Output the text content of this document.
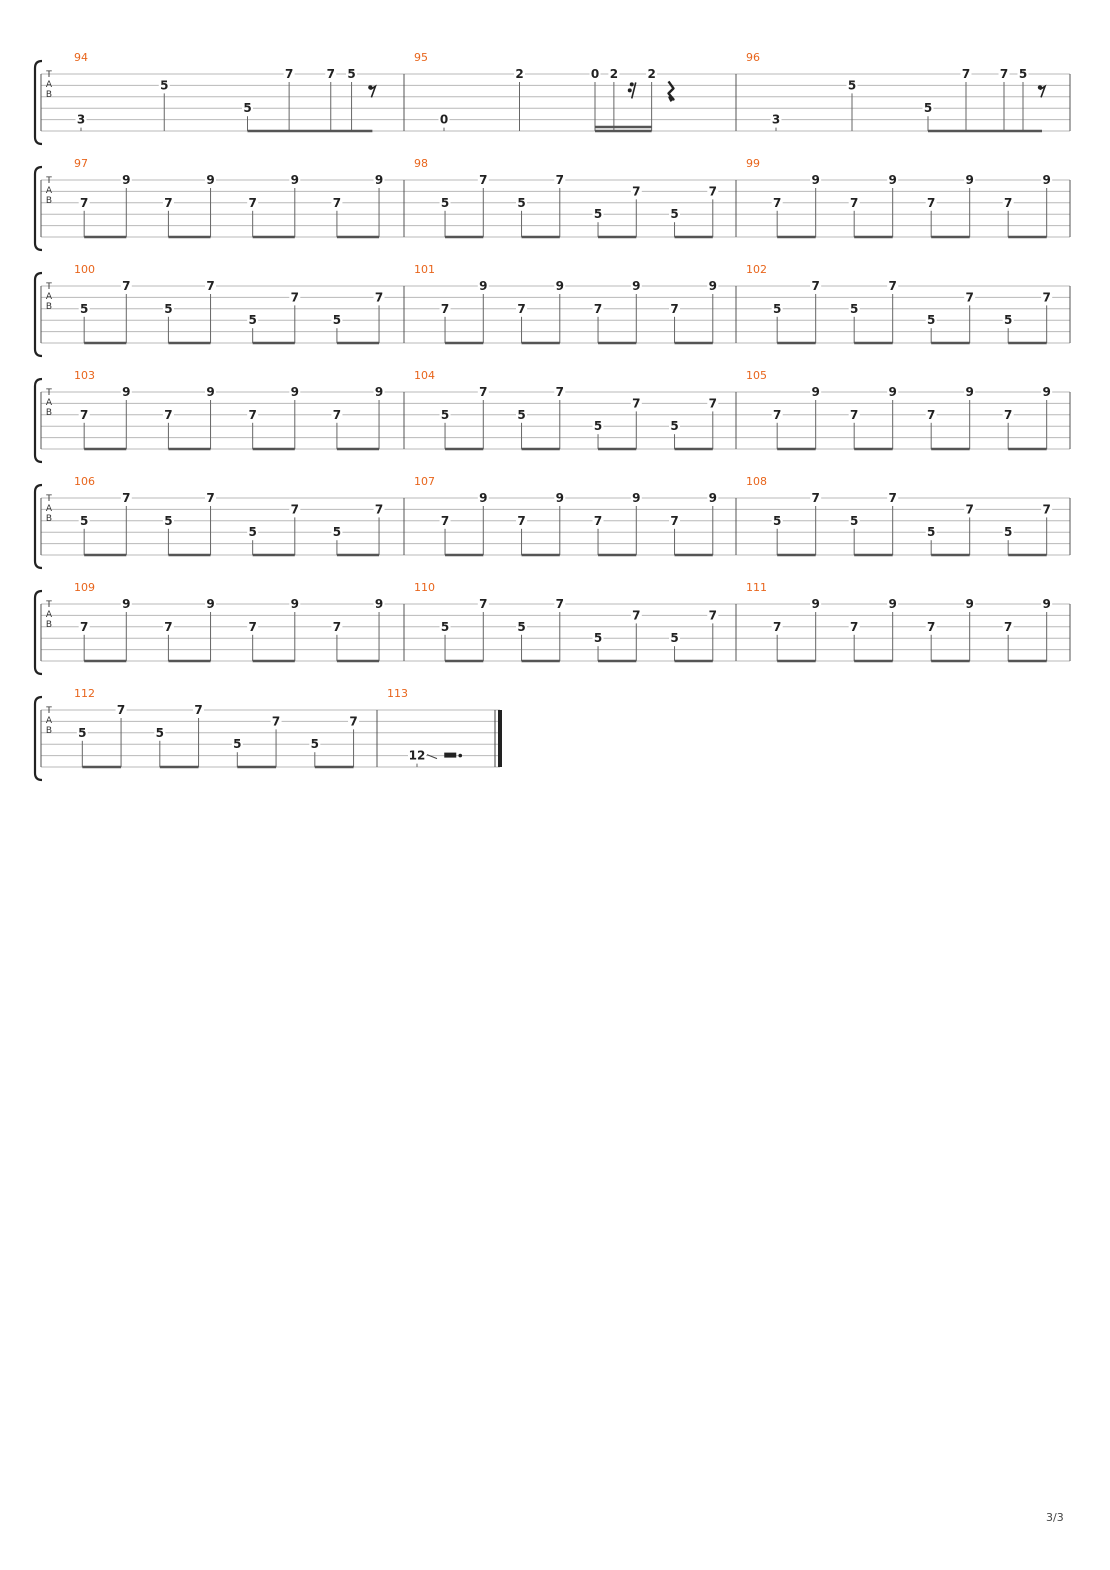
T
A
B
94
3
5
5
7	7 5
95
0
2	0 2 2
96
3
5
5
7 7 5
T
A
B
97
7
9
7
9
7
9
7
9
98
5
7
5
7
5
7
5
7
99
7
9
7
9
7
9
7
9
T
A
B
100
5
7
5
7
5
7
5
7
101
7
9
7
9
7
9
7
9
102
5
7
5
7
5
7
5
7
T
A
B
103
7
9
7
9
7
9
7
9
104
5
7
5
7
5
7
5
7
105
7
9
7
9
7
9
7
9
T
A
B
106
5
7
5
7
5
7
5
7
107
7
9
7
9
7
9
7
9
108
5
7
5
7
5
7
5
7
T
A
B
109
7
9
7
9
7
9
7
9
110
5
7
5
7
5
7
5
7
111
7
9
7
9
7
9
7
9
T
A
B
112
5
7
5
7
5
7
5
7
113
12
3/3
